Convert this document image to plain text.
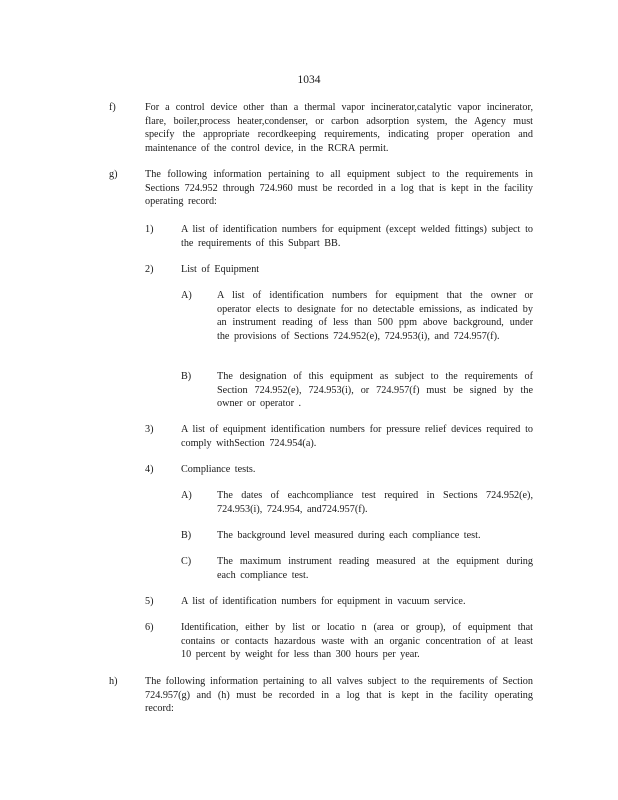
1034
f)	For a control device other than a thermal vapor incinerator,catalytic vapor incinerator, flare, boiler,process heater,condenser, or carbon adsorption system, the Agency must specify the appropriate recordkeeping requirements, indicating proper operation and maintenance of the control device, in the RCRA permit.
g)	The following information pertaining to all equipment subject to the requirements in Sections 724.952 through 724.960 must be recorded in a log that is kept in the facility operating record:
1)	A list of identification numbers for equipment (except welded fittings) subject to the requirements of this Subpart BB.
2)	List of Equipment
A) A list of identification numbers for equipment that the owner or operator elects to designate for no detectable emissions, as indicated by an instrument reading of less than 500 ppm above background, under the provisions of Sections 724.952(e), 724.953(i), and 724.957(f).
B)	The designation of this equipment as subject to the requirements of Section 724.952(e), 724.953(i), or 724.957(f) must be signed by the owner or operator .
3)	A list of equipment identification numbers for pressure relief devices required to comply withSection 724.954(a).
4)	Compliance tests.
A) The dates of eachcompliance test required in Sections 724.952(e), 724.953(i), 724.954, and724.957(f).
B)	The background level measured during each compliance test.
C)	The maximum instrument reading measured at the equipment during each compliance test.
5)	A list of identification numbers for equipment in vacuum service.
6)	Identification, either by list or locatio n (area or group), of equipment that contains or contacts hazardous waste with an organic concentration of at least 10 percent by weight for less than 300 hours per year.
h)	The following information pertaining to all valves subject to the requirements of Section 724.957(g) and (h) must be recorded in a log that is kept in the facility operating record:
